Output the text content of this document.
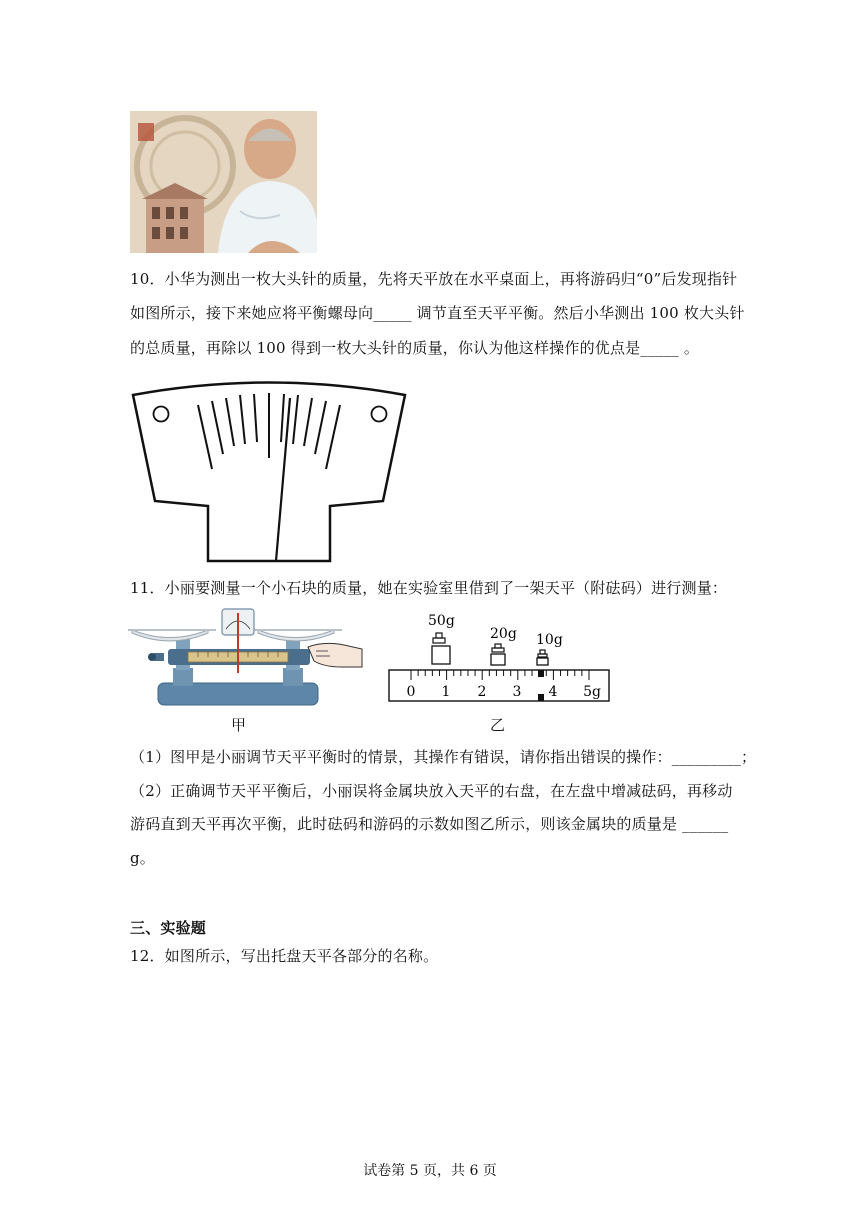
10．小华为测出一枚大头针的质量，先将天平放在水平桌面上，再将游码归“0”后发现指针
如图所示，接下来她应将平衡螺母向_____ 调节直至天平平衡。然后小华测出 100 枚大头针
的总质量，再除以 100 得到一枚大头针的质量，你认为他这样操作的优点是_____ 。
11．小丽要测量一个小石块的质量，她在实验室里借到了一架天平（附砝码）进行测量：
甲
50g
20g 10g
0 1 2 3 4 5g
乙
（1）图甲是小丽调节天平平衡时的情景，其操作有错误，请你指出错误的操作：_________；
（2）正确调节天平平衡后，小丽误将金属块放入天平的右盘，在左盘中增减砝码，再移动
游码直到天平再次平衡，此时砝码和游码的示数如图乙所示，则该金属块的质量是 ______
g。
三、实验题
12．如图所示，写出托盘天平各部分的名称。
试卷第 5 页，共 6 页
